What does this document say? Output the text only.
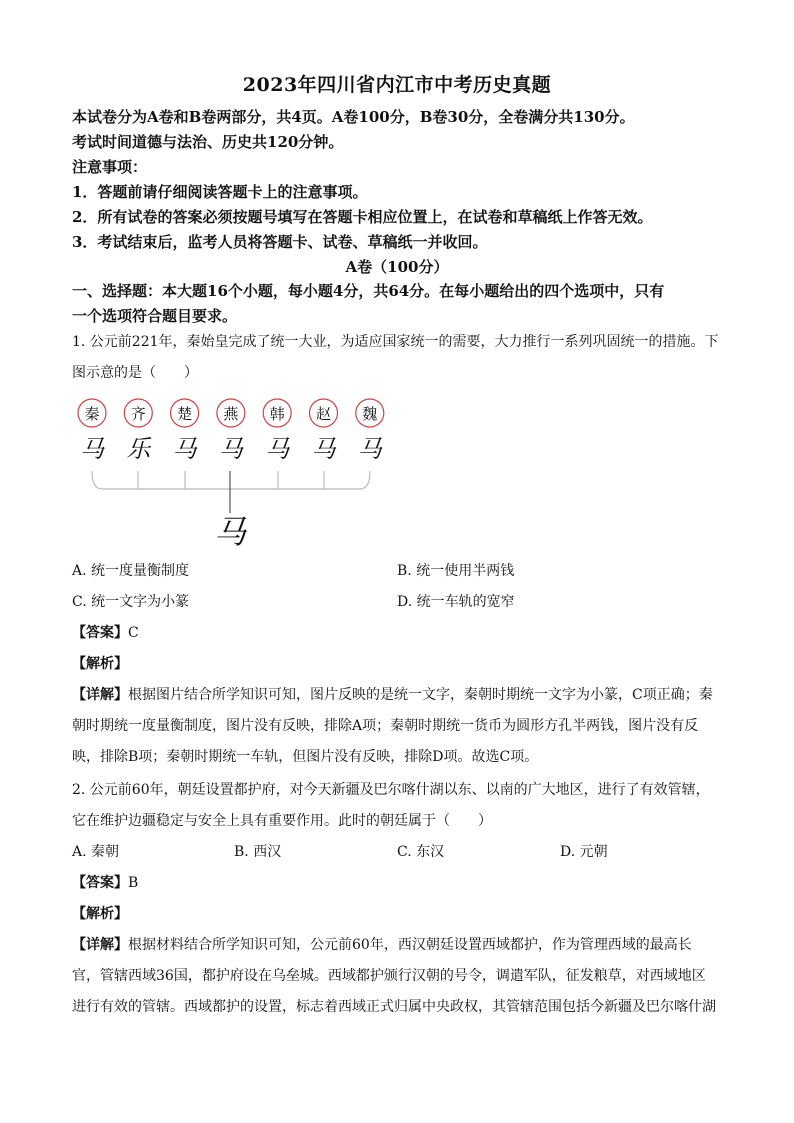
2023年四川省内江市中考历史真题
本试卷分为A卷和B卷两部分，共4页。A卷100分，B卷30分，全卷满分共130分。
考试时间道德与法治、历史共120分钟。
注意事项：
1．答题前请仔细阅读答题卡上的注意事项。
2．所有试卷的答案必须按题号填写在答题卡相应位置上，在试卷和草稿纸上作答无效。
3．考试结束后，监考人员将答题卡、试卷、草稿纸一并收回。
A卷（100分）
一、选择题：本大题16个小题，每小题4分，共64分。在每小题给出的四个选项中，只有
一个选项符合题目要求。
1. 公元前221年，秦始皇完成了统一大业，为适应国家统一的需要，大力推行一系列巩固统一的措施。下
图示意的是（　　）
秦
马
齐
乐
楚
马
燕
马
韩
马
赵
马
魏
马
马
A. 统一度量衡制度	B. 统一使用半两钱
C. 统一文字为小篆	D. 统一车轨的宽窄
【答案】C
【解析】
【详解】根据图片结合所学知识可知，图片反映的是统一文字，秦朝时期统一文字为小篆，C项正确；秦
朝时期统一度量衡制度，图片没有反映，排除A项；秦朝时期统一货币为圆形方孔半两钱，图片没有反
映，排除B项；秦朝时期统一车轨，但图片没有反映，排除D项。故选C项。
2. 公元前60年，朝廷设置都护府，对今天新疆及巴尔喀什湖以东、以南的广大地区，进行了有效管辖，
它在维护边疆稳定与安全上具有重要作用。此时的朝廷属于（　　）
A. 秦朝	B. 西汉	C. 东汉	D. 元朝
【答案】B
【解析】
【详解】根据材料结合所学知识可知，公元前60年，西汉朝廷设置西域都护，作为管理西域的最高长
官，管辖西域36国，都护府设在乌垒城。西域都护颁行汉朝的号令，调遣军队，征发粮草，对西域地区
进行有效的管辖。西域都护的设置，标志着西域正式归属中央政权，其管辖范围包括今新疆及巴尔喀什湖
